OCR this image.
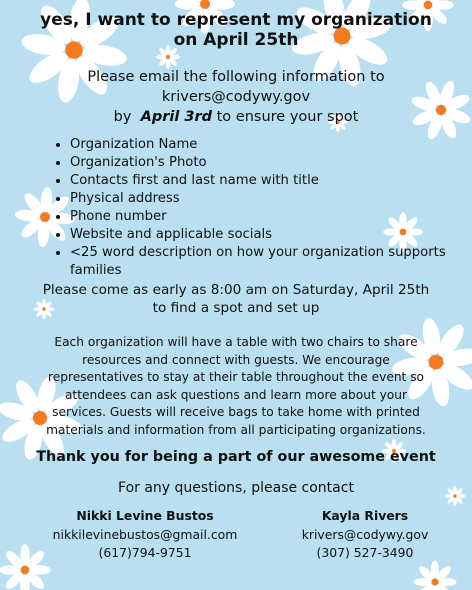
yes, I want to represent my organization
on April 25th
Please email the following information to
krivers@codywy.gov
by April 3rd to ensure your spot
• Organization Name
• Organization's Photo
• Contacts first and last name with title
• Physical address
• Phone number
• Website and applicable socials
• <25 word description on how your organization supports families
Please come as early as 8:00 am on Saturday, April 25th
to find a spot and set up
Each organization will have a table with two chairs to share
resources and connect with guests. We encourage
representatives to stay at their table throughout the event so
attendees can ask questions and learn more about your
services. Guests will receive bags to take home with printed
materials and information from all participating organizations.
Thank you for being a part of our awesome event
For any questions, please contact
Nikki Levine Bustos
nikkilevinebustos@gmail.com
(617)794-9751
Kayla Rivers
krivers@codywy.gov
(307) 527-3490
